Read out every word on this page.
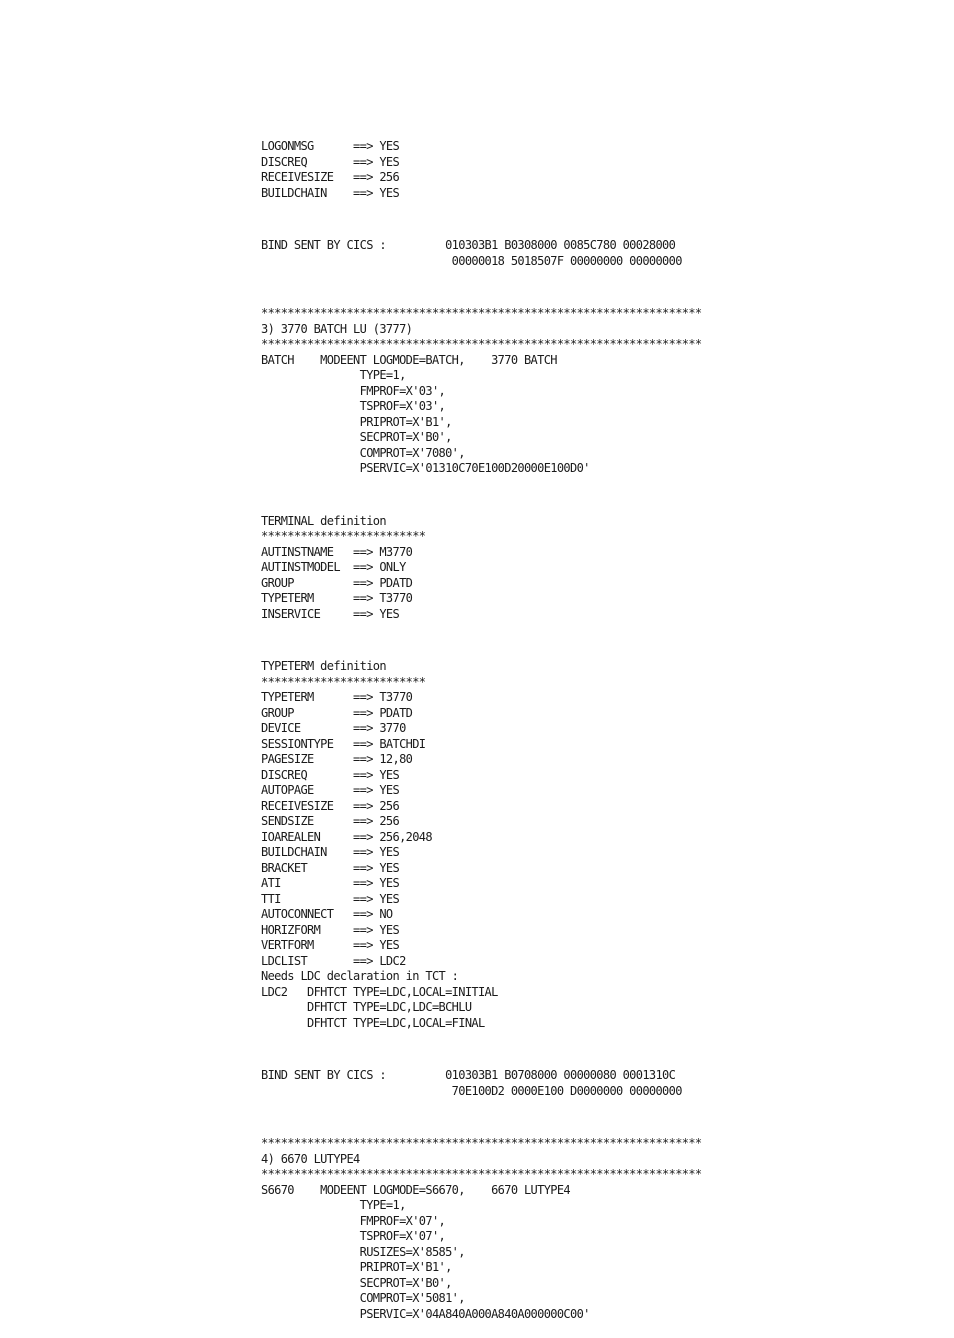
LOGONMSG      ==> YES
DISCREQ       ==> YES
RECEIVESIZE   ==> 256
BUILDCHAIN    ==> YES

BIND SENT BY CICS :         010303B1 B0308000 0085C780 00028000
00000018 5018507F 00000000 00000000

*******************************************************************
3) 3770 BATCH LU (3777)
*******************************************************************
BATCH    MODEENT LOGMODE=BATCH,    3770 BATCH
TYPE=1,
FMPROF=X'03',
TSPROF=X'03',
PRIPROT=X'B1',
SECPROT=X'B0',
COMPROT=X'7080',
PSERVIC=X'01310C70E100D20000E100D0'

TERMINAL definition
*************************
AUTINSTNAME   ==> M3770
AUTINSTMODEL  ==> ONLY
GROUP         ==> PDATD
TYPETERM      ==> T3770
INSERVICE     ==> YES

TYPETERM definition
*************************
TYPETERM      ==> T3770
GROUP         ==> PDATD
DEVICE        ==> 3770
SESSIONTYPE   ==> BATCHDI
PAGESIZE      ==> 12,80
DISCREQ       ==> YES
AUTOPAGE      ==> YES
RECEIVESIZE   ==> 256
SENDSIZE      ==> 256
IOAREALEN     ==> 256,2048
BUILDCHAIN    ==> YES
BRACKET       ==> YES
ATI           ==> YES
TTI           ==> YES
AUTOCONNECT   ==> NO
HORIZFORM     ==> YES
VERTFORM      ==> YES
LDCLIST       ==> LDC2
Needs LDC declaration in TCT :
LDC2   DFHTCT TYPE=LDC,LOCAL=INITIAL
DFHTCT TYPE=LDC,LDC=BCHLU
DFHTCT TYPE=LDC,LOCAL=FINAL

BIND SENT BY CICS :         010303B1 B0708000 00000080 0001310C
70E100D2 0000E100 D0000000 00000000

*******************************************************************
4) 6670 LUTYPE4
*******************************************************************
S6670    MODEENT LOGMODE=S6670,    6670 LUTYPE4
TYPE=1,
FMPROF=X'07',
TSPROF=X'07',
RUSIZES=X'8585',
PRIPROT=X'B1',
SECPROT=X'B0',
COMPROT=X'5081',
PSERVIC=X'04A840A000A840A000000C00'
